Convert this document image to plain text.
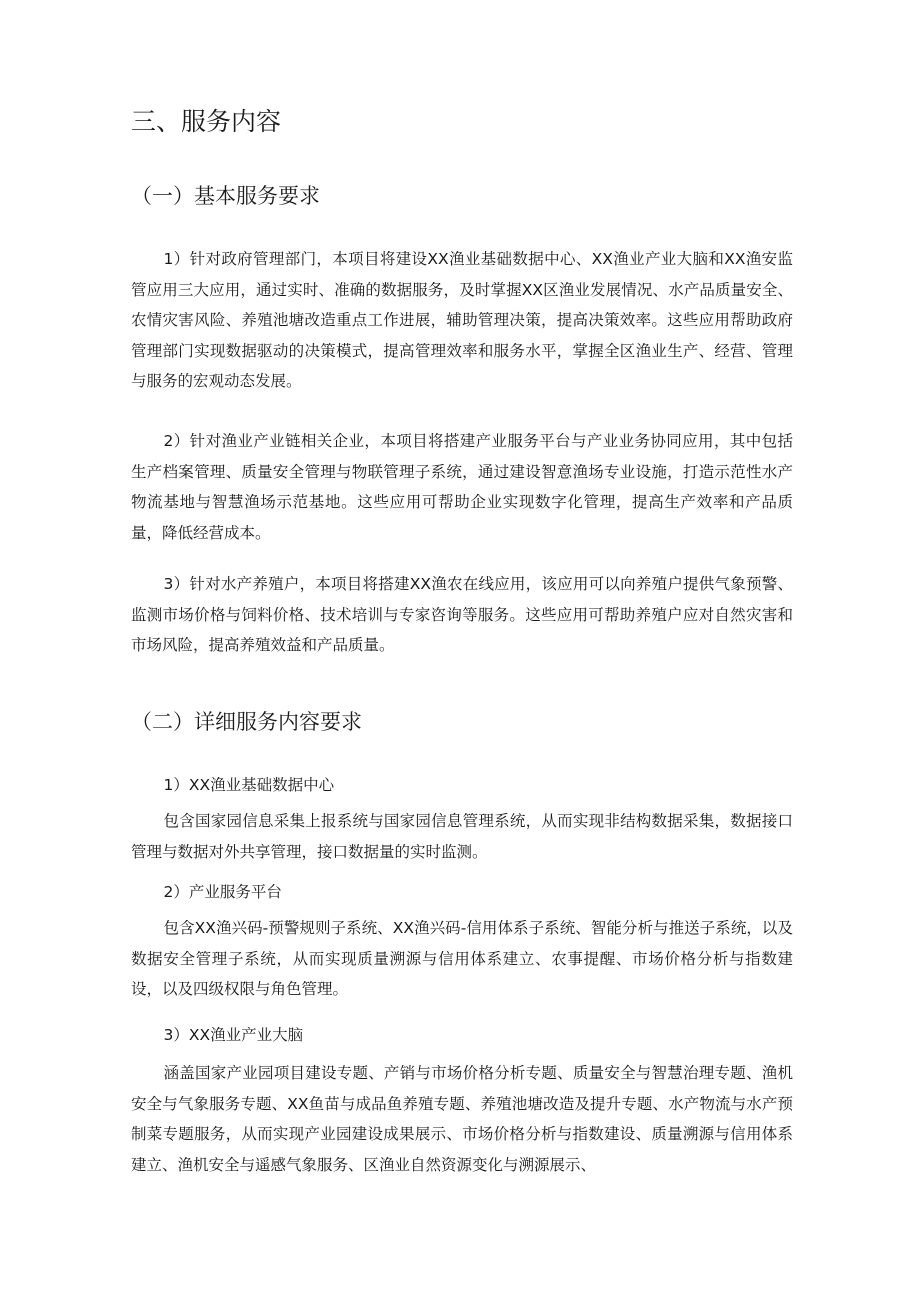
三、服务内容
（一）基本服务要求

1）针对政府管理部门，本项目将建设XX渔业基础数据中心、XX渔业产业大脑和XX渔安监管应用三大应用，通过实时、准确的数据服务，及时掌握XX区渔业发展情况、水产品质量安全、农情灾害风险、养殖池塘改造重点工作进展，辅助管理决策，提高决策效率。这些应用帮助政府管理部门实现数据驱动的决策模式，提高管理效率和服务水平，掌握全区渔业生产、经营、管理与服务的宏观动态发展。

2）针对渔业产业链相关企业，本项目将搭建产业服务平台与产业业务协同应用，其中包括生产档案管理、质量安全管理与物联管理子系统，通过建设智意渔场专业设施，打造示范性水产物流基地与智慧渔场示范基地。这些应用可帮助企业实现数字化管理，提高生产效率和产品质量，降低经营成本。

3）针对水产养殖户，本项目将搭建XX渔农在线应用，该应用可以向养殖户提供气象预警、监测市场价格与饲料价格、技术培训与专家咨询等服务。这些应用可帮助养殖户应对自然灾害和市场风险，提高养殖效益和产品质量。

（二）详细服务内容要求

1）XX渔业基础数据中心

包含国家园信息采集上报系统与国家园信息管理系统，从而实现非结构数据采集，数据接口管理与数据对外共享管理，接口数据量的实时监测。

2）产业服务平台

包含XX渔兴码-预警规则子系统、XX渔兴码-信用体系子系统、智能分析与推送子系统，以及数据安全管理子系统，从而实现质量溯源与信用体系建立、农事提醒、市场价格分析与指数建设，以及四级权限与角色管理。

3）XX渔业产业大脑

涵盖国家产业园项目建设专题、产销与市场价格分析专题、质量安全与智慧治理专题、渔机安全与气象服务专题、XX鱼苗与成品鱼养殖专题、养殖池塘改造及提升专题、水产物流与水产预制菜专题服务，从而实现产业园建设成果展示、市场价格分析与指数建设、质量溯源与信用体系建立、渔机安全与遥感气象服务、区渔业自然资源变化与溯源展示、
